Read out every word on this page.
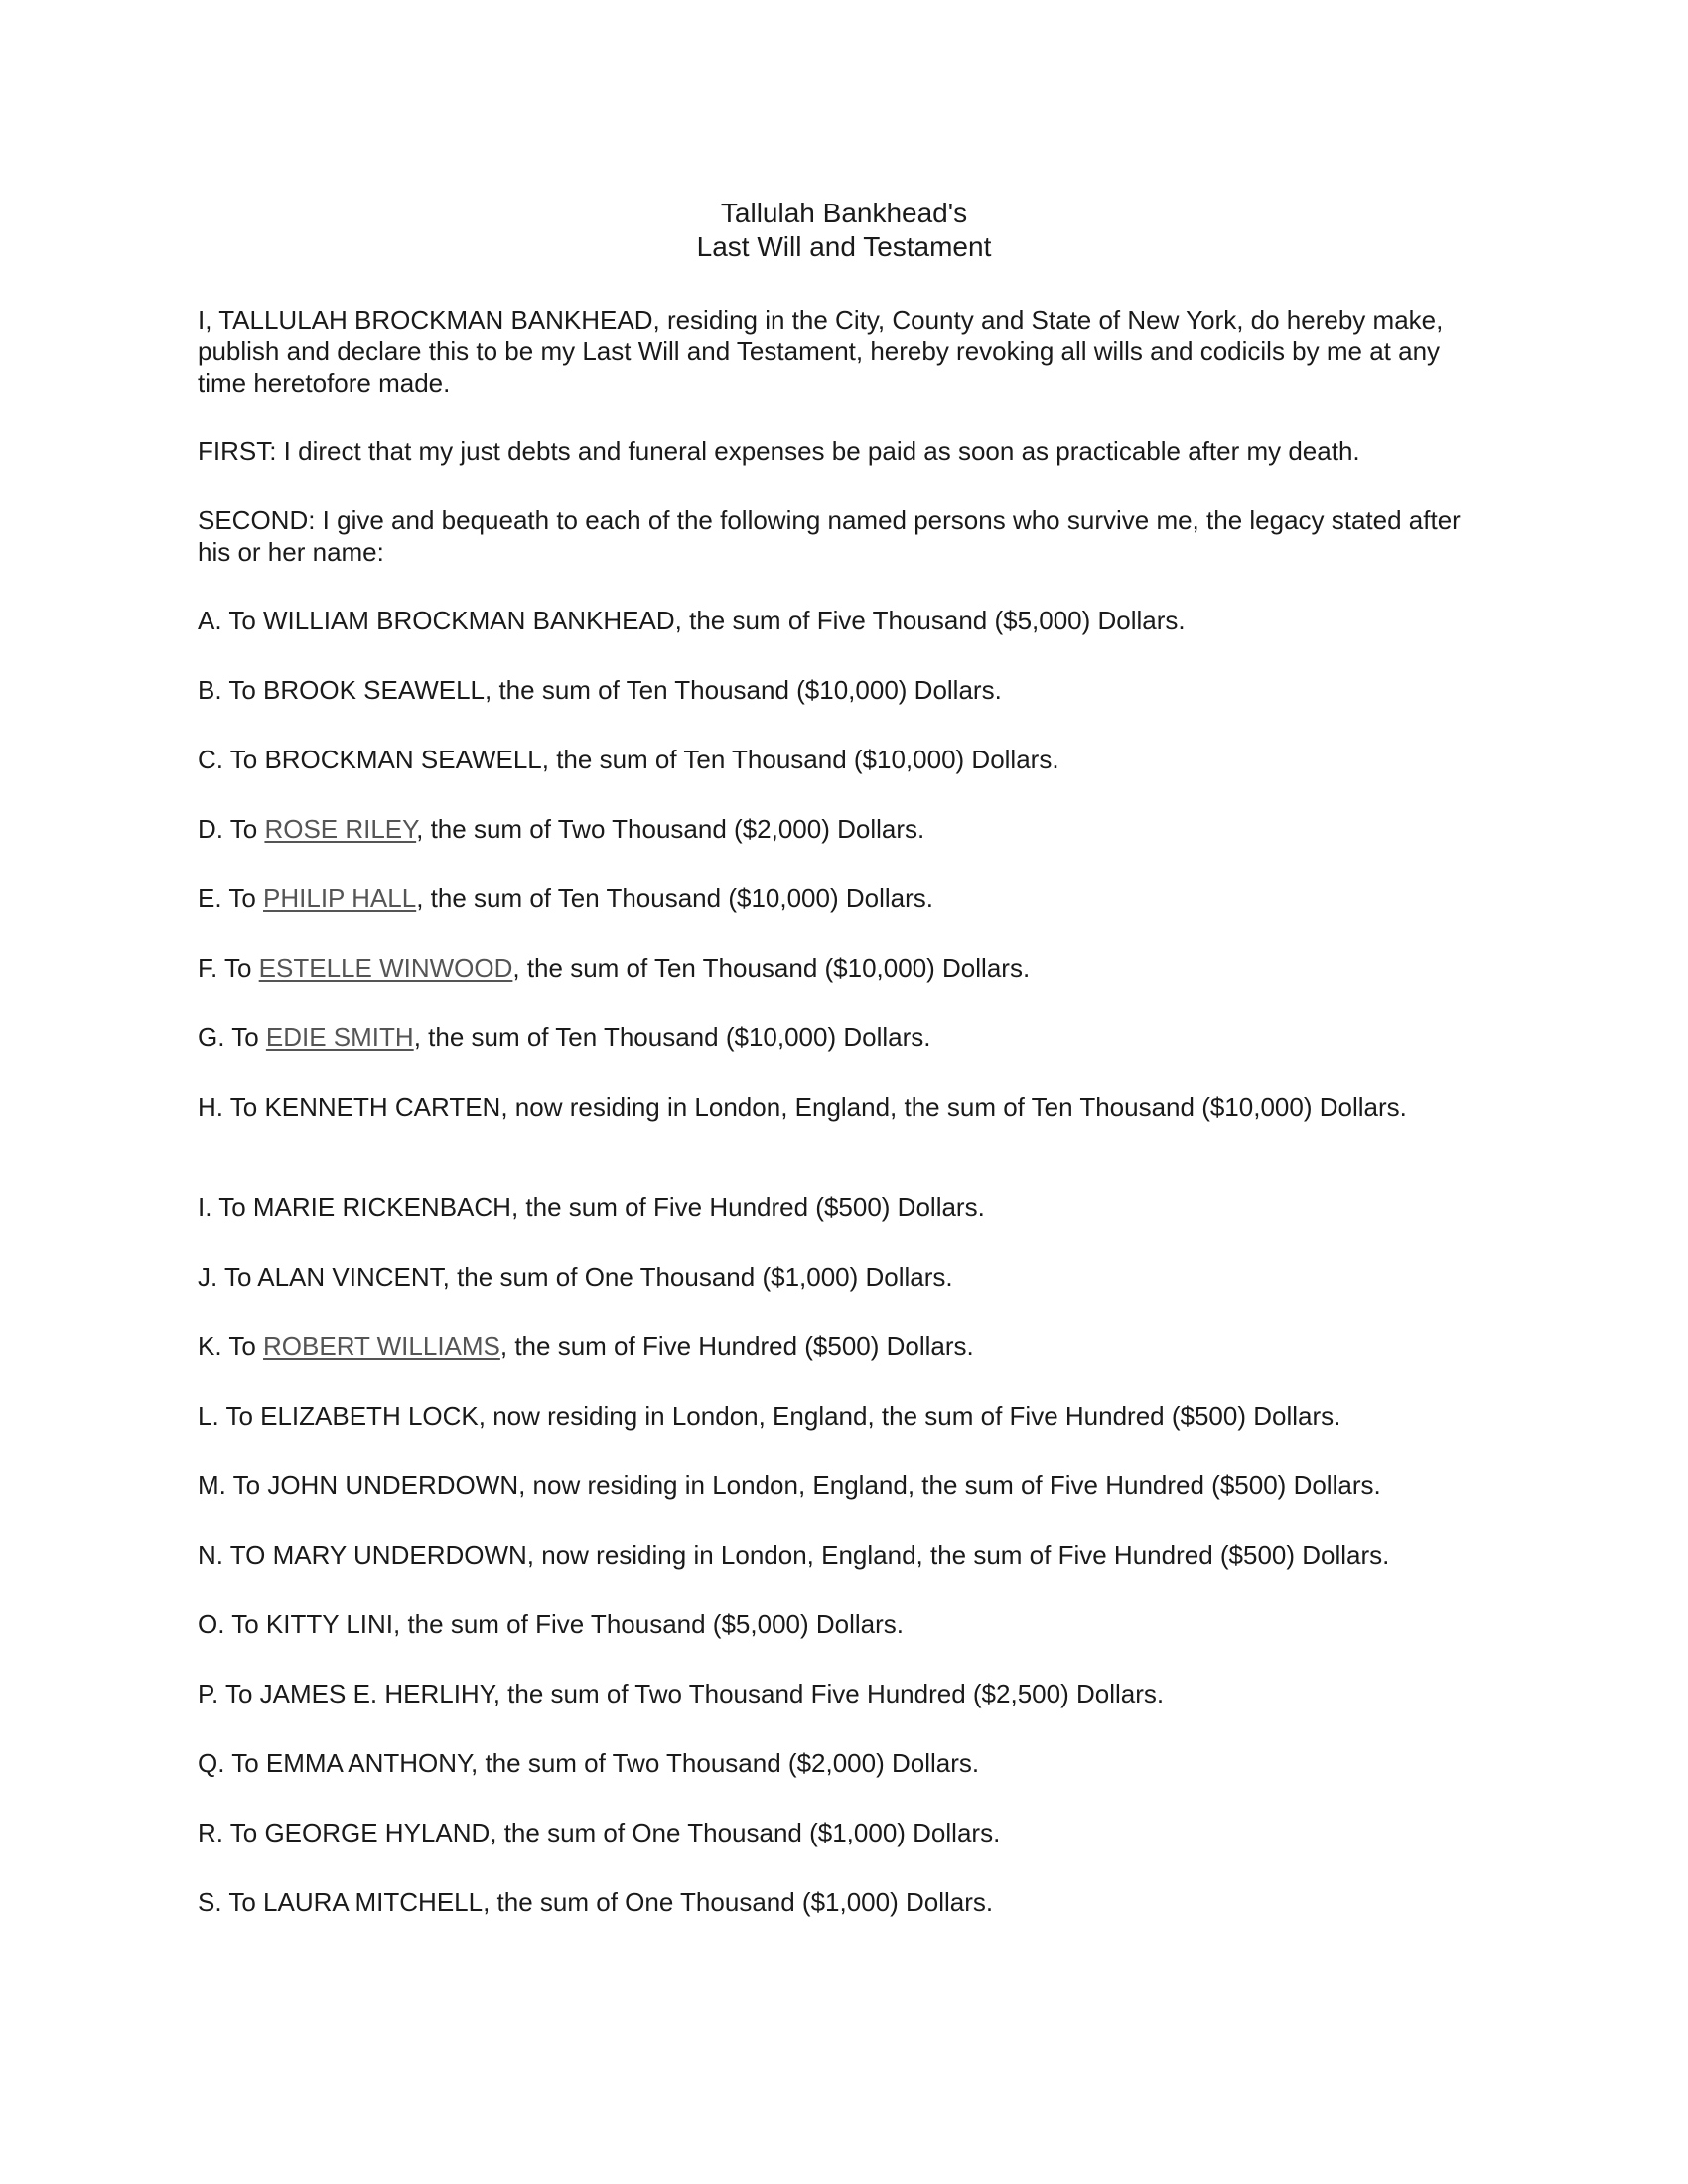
Tallulah Bankhead's
Last Will and Testament

I, TALLULAH BROCKMAN BANKHEAD, residing in the City, County and State of New York, do hereby make, publish and declare this to be my Last Will and Testament, hereby revoking all wills and codicils by me at any time heretofore made.

FIRST: I direct that my just debts and funeral expenses be paid as soon as practicable after my death.

SECOND: I give and bequeath to each of the following named persons who survive me, the legacy stated after his or her name:

A. To WILLIAM BROCKMAN BANKHEAD, the sum of Five Thousand ($5,000) Dollars.

B. To BROOK SEAWELL, the sum of Ten Thousand ($10,000) Dollars.

C. To BROCKMAN SEAWELL, the sum of Ten Thousand ($10,000) Dollars.

D. To ROSE RILEY, the sum of Two Thousand ($2,000) Dollars.

E. To PHILIP HALL, the sum of Ten Thousand ($10,000) Dollars.

F. To ESTELLE WINWOOD, the sum of Ten Thousand ($10,000) Dollars.

G. To EDIE SMITH, the sum of Ten Thousand ($10,000) Dollars.

H. To KENNETH CARTEN, now residing in London, England, the sum of Ten Thousand ($10,000) Dollars.

I. To MARIE RICKENBACH, the sum of Five Hundred ($500) Dollars.

J. To ALAN VINCENT, the sum of One Thousand ($1,000) Dollars.

K. To ROBERT WILLIAMS, the sum of Five Hundred ($500) Dollars.

L. To ELIZABETH LOCK, now residing in London, England, the sum of Five Hundred ($500) Dollars.

M. To JOHN UNDERDOWN, now residing in London, England, the sum of Five Hundred ($500) Dollars.

N. TO MARY UNDERDOWN, now residing in London, England, the sum of Five Hundred ($500) Dollars.

O. To KITTY LINI, the sum of Five Thousand ($5,000) Dollars.

P. To JAMES E. HERLIHY, the sum of Two Thousand Five Hundred ($2,500) Dollars.

Q. To EMMA ANTHONY, the sum of Two Thousand ($2,000) Dollars.

R. To GEORGE HYLAND, the sum of One Thousand ($1,000) Dollars.

S. To LAURA MITCHELL, the sum of One Thousand ($1,000) Dollars.
